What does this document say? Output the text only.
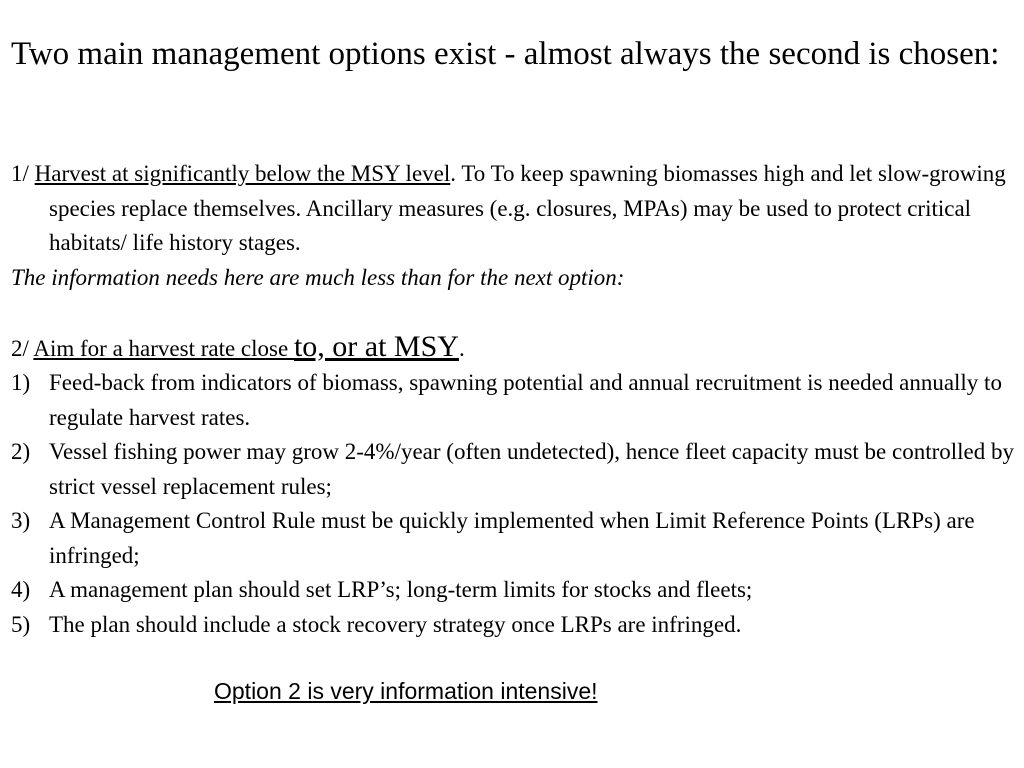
Two main management options exist - almost always the second is chosen:

1/ Harvest at significantly below the MSY level. To To keep spawning biomasses high and let slow-growing species replace themselves. Ancillary measures (e.g. closures, MPAs) may be used to protect critical habitats/ life history stages.

The information needs here are much less than for the next option:

2/ Aim for a harvest rate close to, or at MSY.

1) Feed-back from indicators of biomass, spawning potential and annual recruitment is needed annually to regulate harvest rates.
2) Vessel fishing power may grow 2-4%/year (often undetected), hence fleet capacity must be controlled by strict vessel replacement rules;
3) A Management Control Rule must be quickly implemented when Limit Reference Points (LRPs) are infringed;
4) A management plan should set LRP’s; long-term limits for stocks and fleets;
5) The plan should include a stock recovery strategy once LRPs are infringed.
Option 2 is very information intensive!
